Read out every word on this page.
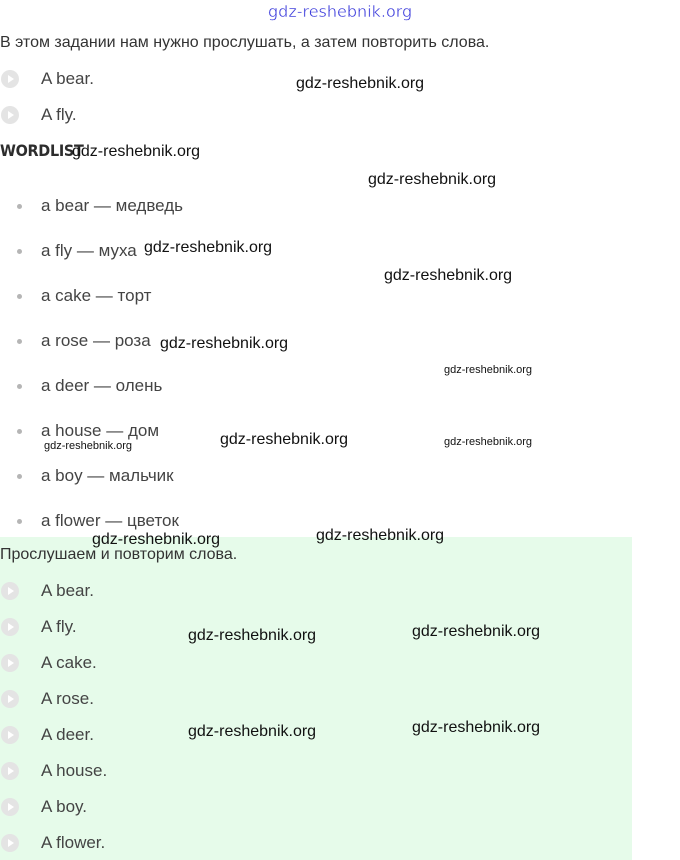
gdz-reshebnik.org
В этом задании нам нужно прослушать, а затем повторить слова.
A bear.
A fly.
WORDLIST
a bear — медведь
a fly — муха
a cake — торт
a rose — роза
a deer — олень
a house — дом
a boy — мальчик
a flower — цветок
Прослушаем и повторим слова.
A bear.
A fly.
A cake.
A rose.
A deer.
A house.
A boy.
A flower.
gdz-reshebnik.org
gdz-reshebnik.org
gdz-reshebnik.org
gdz-reshebnik.org
gdz-reshebnik.org
gdz-reshebnik.org
gdz-reshebnik.org
gdz-reshebnik.org
gdz-reshebnik.org	gdz-reshebnik.org
gdz-reshebnik.org	gdz-reshebnik.org
gdz-reshebnik.org	gdz-reshebnik.org
gdz-reshebnik.org	gdz-reshebnik.org
